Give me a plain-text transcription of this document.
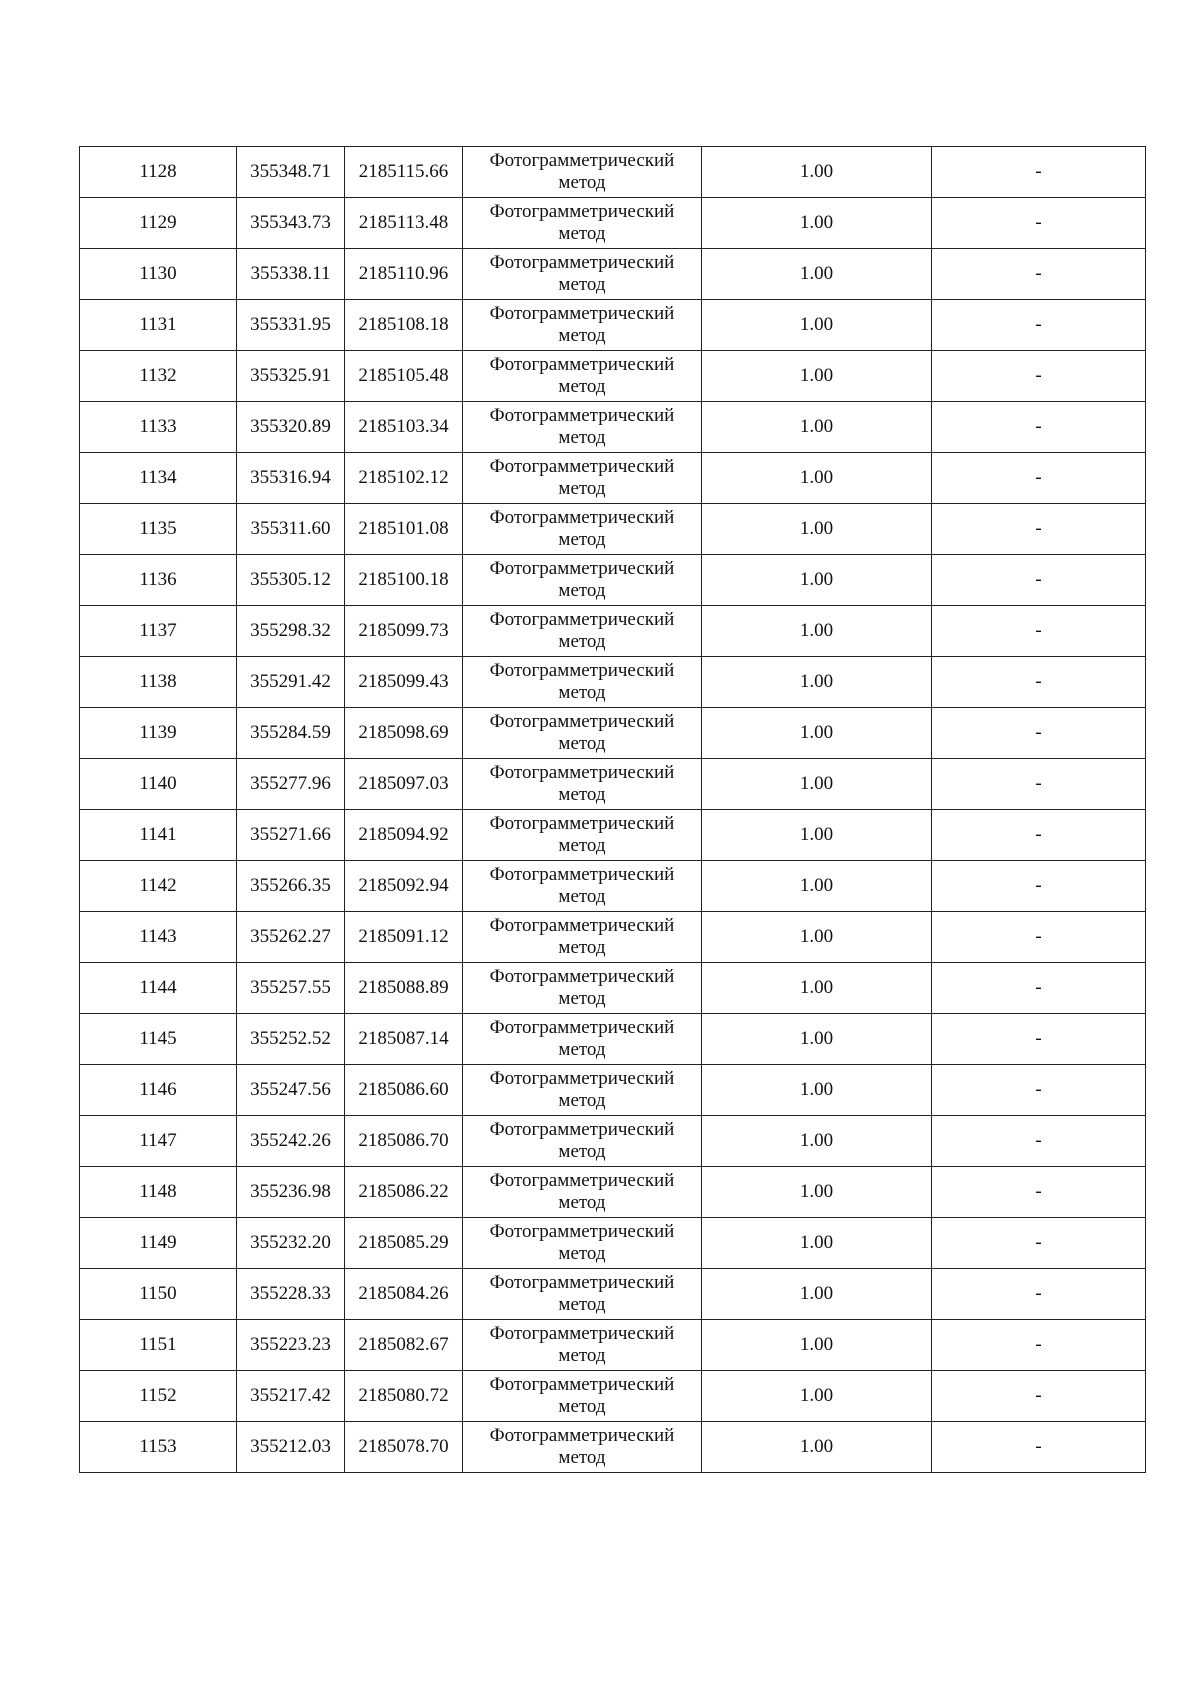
1128	355348.71	2185115.66	Фотограмметрический
метод	1.00	-
1129	355343.73	2185113.48	Фотограмметрический
метод	1.00	-
1130	355338.11	2185110.96	Фотограмметрический
метод	1.00	-
1131	355331.95	2185108.18	Фотограмметрический
метод	1.00	-
1132	355325.91	2185105.48	Фотограмметрический
метод	1.00	-
1133	355320.89	2185103.34	Фотограмметрический
метод	1.00	-
1134	355316.94	2185102.12	Фотограмметрический
метод	1.00	-
1135	355311.60	2185101.08	Фотограмметрический
метод	1.00	-
1136	355305.12	2185100.18	Фотограмметрический
метод	1.00	-
1137	355298.32	2185099.73	Фотограмметрический
метод	1.00	-
1138	355291.42	2185099.43	Фотограмметрический
метод	1.00	-
1139	355284.59	2185098.69	Фотограмметрический
метод	1.00	-
1140	355277.96	2185097.03	Фотограмметрический
метод	1.00	-
1141	355271.66	2185094.92	Фотограмметрический
метод	1.00	-
1142	355266.35	2185092.94	Фотограмметрический
метод	1.00	-
1143	355262.27	2185091.12	Фотограмметрический
метод	1.00	-
1144	355257.55	2185088.89	Фотограмметрический
метод	1.00	-
1145	355252.52	2185087.14	Фотограмметрический
метод	1.00	-
1146	355247.56	2185086.60	Фотограмметрический
метод	1.00	-
1147	355242.26	2185086.70	Фотограмметрический
метод	1.00	-
1148	355236.98	2185086.22	Фотограмметрический
метод	1.00	-
1149	355232.20	2185085.29	Фотограмметрический
метод	1.00	-
1150	355228.33	2185084.26	Фотограмметрический
метод	1.00	-
1151	355223.23	2185082.67	Фотограмметрический
метод	1.00	-
1152	355217.42	2185080.72	Фотограмметрический
метод	1.00	-
1153	355212.03	2185078.70	Фотограмметрический
метод	1.00	-
